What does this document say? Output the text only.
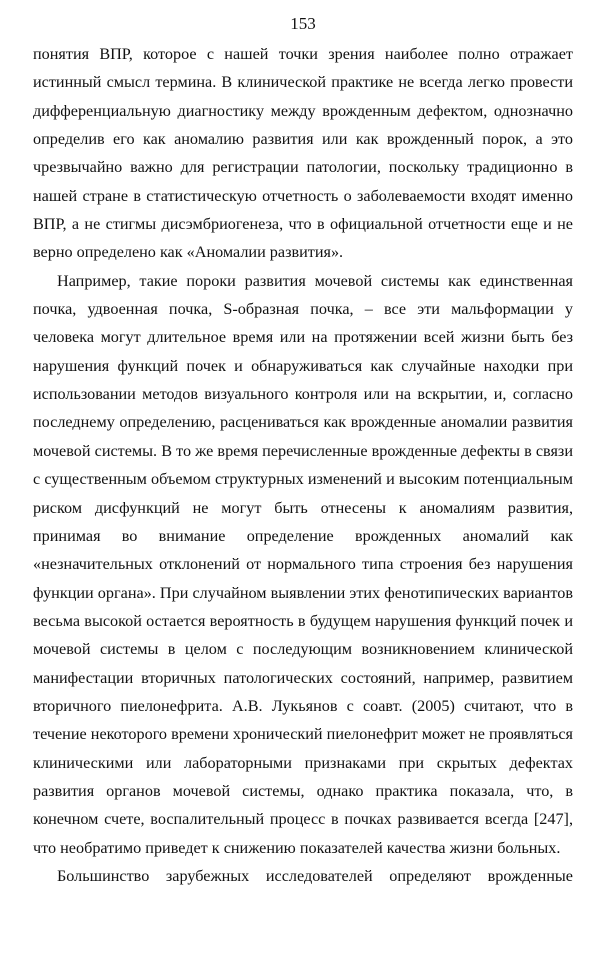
153
понятия ВПР, которое с нашей точки зрения наиболее полно отражает
истинный смысл термина. В клинической практике не всегда легко провести
дифференциальную диагностику между врожденным дефектом, однозначно
определив его как аномалию развития или как врожденный порок, а это
чрезвычайно важно для регистрации патологии, поскольку традиционно в
нашей стране в статистическую отчетность о заболеваемости входят именно
ВПР, а не стигмы дисэмбриогенеза, что в официальной отчетности еще и не
верно определено как «Аномалии развития».
Например, такие пороки развития мочевой системы как единственная
почка, удвоенная почка, S-образная почка, – все эти мальформации у
человека могут длительное время или на протяжении всей жизни быть без
нарушения функций почек и обнаруживаться как случайные находки при
использовании методов визуального контроля или на вскрытии, и, согласно
последнему определению, расцениваться как врожденные аномалии развития
мочевой системы. В то же время перечисленные врожденные дефекты в связи
с существенным объемом структурных изменений и высоким потенциальным
риском дисфункций не могут быть отнесены к аномалиям развития,
принимая во внимание определение врожденных аномалий как
«незначительных отклонений от нормального типа строения без нарушения
функции органа». При случайном выявлении этих фенотипических вариантов
весьма высокой остается вероятность в будущем нарушения функций почек и
мочевой системы в целом с последующим возникновением клинической
манифестации вторичных патологических состояний, например, развитием
вторичного пиелонефрита. А.В. Лукьянов с соавт. (2005) считают, что в
течение некоторого времени хронический пиелонефрит может не проявляться
клиническими или лабораторными признаками при скрытых дефектах
развития органов мочевой системы, однако практика показала, что, в
конечном счете, воспалительный процесс в почках развивается всегда [247],
что необратимо приведет к снижению показателей качества жизни больных.
Большинство зарубежных исследователей определяют врожденные
